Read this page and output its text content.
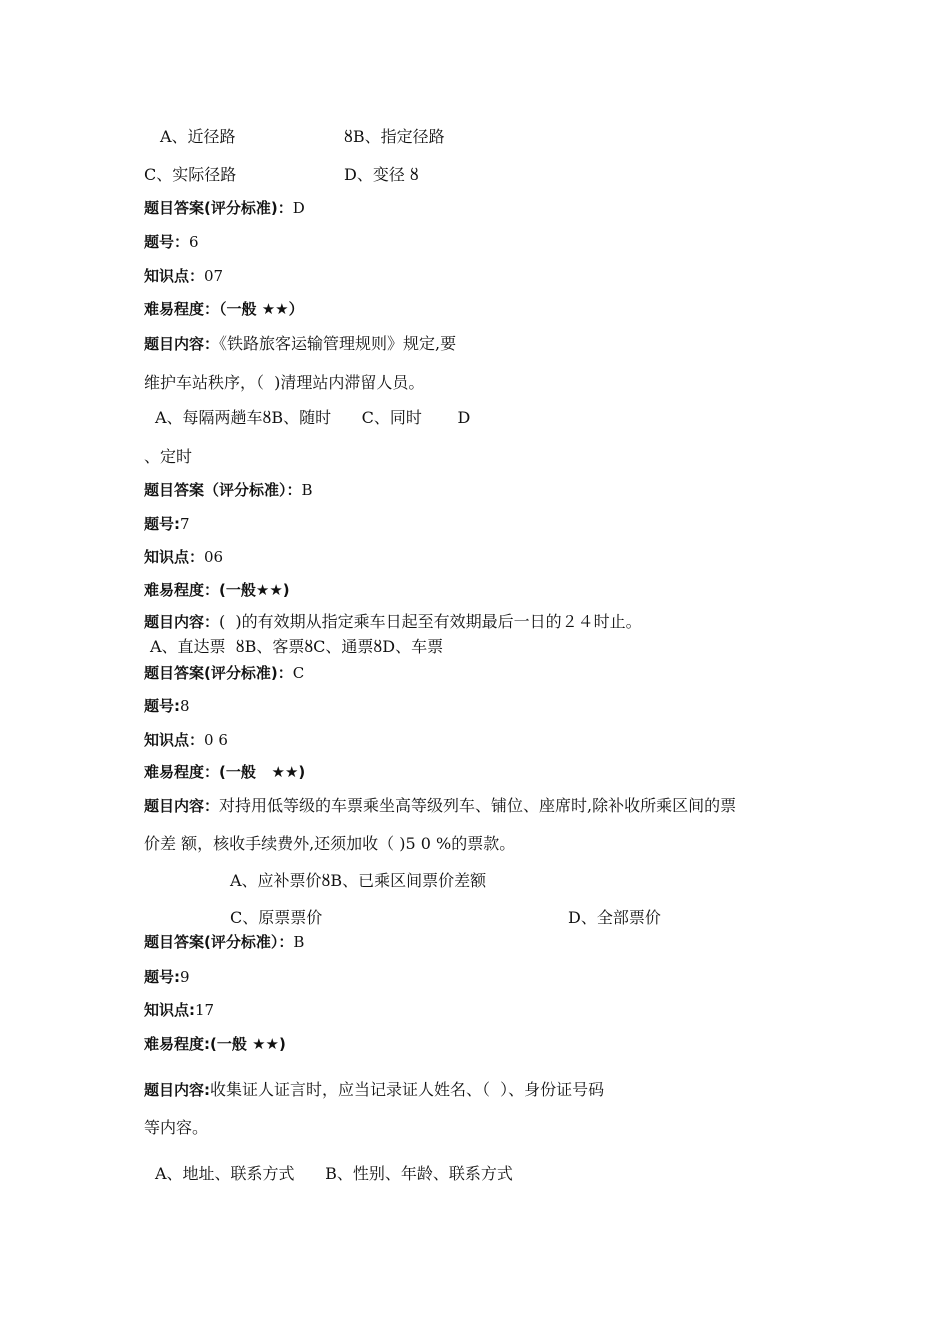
A、近径路	ȣB、指定径路
C、实际径路	D、变径 ȣ
题目答案(评分标准)：D
题号：6
知识点：07
难易程度：（一般 ★★）
题目内容：《铁路旅客运输管理规则》规定,要
维护车站秩序，（  )清理站内滞留人员。
A、每隔两趟车ȣB、随时      C、同时       D
、定时
题目答案（评分标准）：B
题号:7
知识点：06
难易程度：(一般★★)
题目内容：(  )的有效期从指定乘车日起至有效期最后一日的２４时止。
A、直达票  ȣB、客票ȣC、通票ȣD、车票
题目答案(评分标准)：C
题号:8
知识点：0 6
难易程度：(一般   ★★)
题目内容：对持用低等级的车票乘坐高等级列车、铺位、座席时,除补收所乘区间的票
价差 额，核收手续费外,还须加收（ )5 0 %的票款。
A、应补票价ȣB、已乘区间票价差额
C、原票票价	D、全部票价
题目答案(评分标准）：B
题号:9
知识点:17
难易程度:(一般 ★★)
题目内容:收集证人证言时，应当记录证人姓名、（  ）、身份证号码
等内容。
A、地址、联系方式      B、性别、年龄、联系方式
